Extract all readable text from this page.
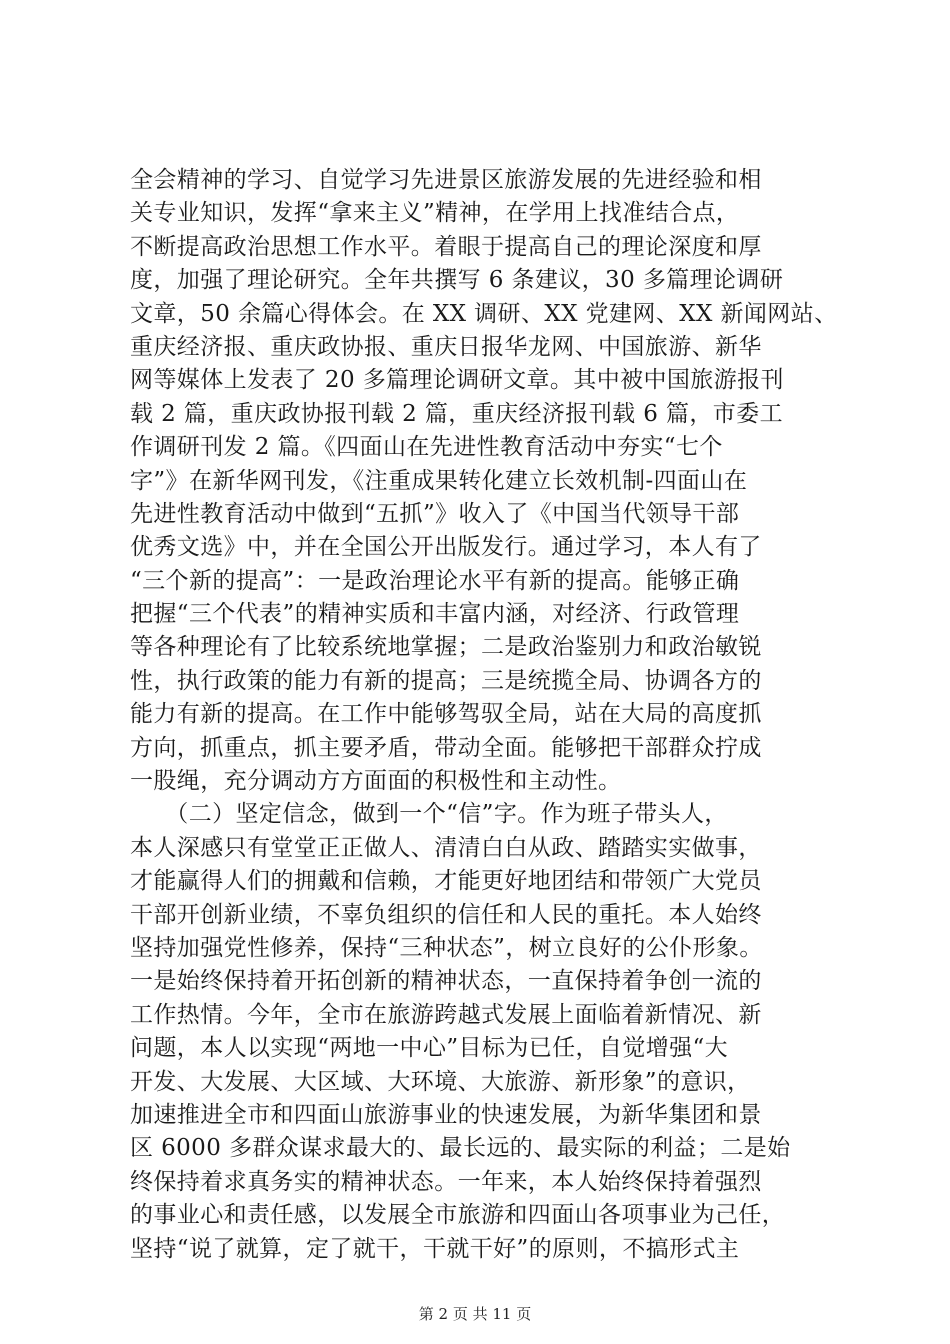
全会精神的学习、自觉学习先进景区旅游发展的先进经验和相
关专业知识，发挥“拿来主义”精神，在学用上找准结合点，
不断提高政治思想工作水平。着眼于提高自己的理论深度和厚
度，加强了理论研究。全年共撰写 6 条建议，30 多篇理论调研
文章，50 余篇心得体会。在 XX 调研、XX 党建网、XX 新闻网站、
重庆经济报、重庆政协报、重庆日报华龙网、中国旅游、新华
网等媒体上发表了 20 多篇理论调研文章。其中被中国旅游报刊
载 2 篇，重庆政协报刊载 2 篇，重庆经济报刊载 6 篇，市委工
作调研刊发 2 篇。《四面山在先进性教育活动中夯实“七个
字”》在新华网刊发，《注重成果转化建立长效机制-四面山在
先进性教育活动中做到“五抓”》收入了《中国当代领导干部
优秀文选》中，并在全国公开出版发行。通过学习，本人有了
“三个新的提高”：一是政治理论水平有新的提高。能够正确
把握“三个代表”的精神实质和丰富内涵，对经济、行政管理
等各种理论有了比较系统地掌握；二是政治鉴别力和政治敏锐
性，执行政策的能力有新的提高；三是统揽全局、协调各方的
能力有新的提高。在工作中能够驾驭全局，站在大局的高度抓
方向，抓重点，抓主要矛盾，带动全面。能够把干部群众拧成
一股绳，充分调动方方面面的积极性和主动性。
　　（二）坚定信念，做到一个“信”字。作为班子带头人，
本人深感只有堂堂正正做人、清清白白从政、踏踏实实做事，
才能赢得人们的拥戴和信赖，才能更好地团结和带领广大党员
干部开创新业绩，不辜负组织的信任和人民的重托。本人始终
坚持加强党性修养，保持“三种状态”，树立良好的公仆形象。
一是始终保持着开拓创新的精神状态，一直保持着争创一流的
工作热情。今年，全市在旅游跨越式发展上面临着新情况、新
问题，本人以实现“两地一中心”目标为已任，自觉增强“大
开发、大发展、大区域、大环境、大旅游、新形象”的意识，
加速推进全市和四面山旅游事业的快速发展，为新华集团和景
区 6000 多群众谋求最大的、最长远的、最实际的利益；二是始
终保持着求真务实的精神状态。一年来，本人始终保持着强烈
的事业心和责任感，以发展全市旅游和四面山各项事业为己任，
坚持“说了就算，定了就干，干就干好”的原则，不搞形式主
第 2 页 共 11 页
